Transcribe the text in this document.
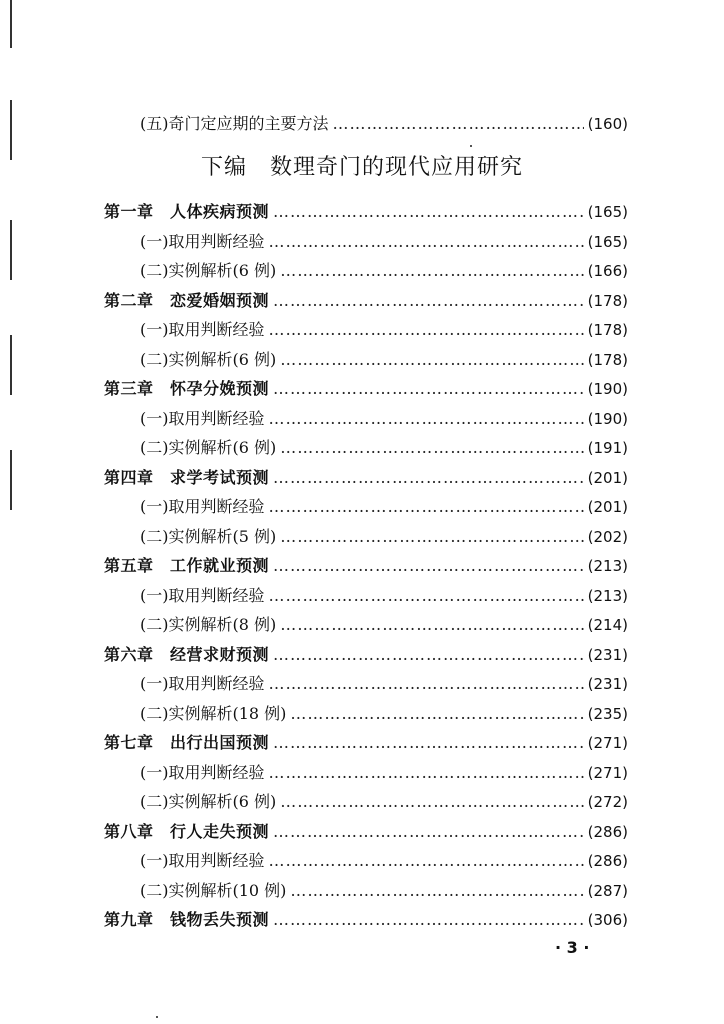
(五)奇门定应期的主要方法 ……………………………………………………………………………………………………………………………………	(160)
下编　数理奇门的现代应用研究
第一章　人体疾病预测 ……………………………………………………………………………………………………………………………………	(165)
(一)取用判断经验 ……………………………………………………………………………………………………………………………………	(165)
(二)实例解析(6 例) ……………………………………………………………………………………………………………………………………	(166)
第二章　恋爱婚姻预测 ……………………………………………………………………………………………………………………………………	(178)
(一)取用判断经验 ……………………………………………………………………………………………………………………………………	(178)
(二)实例解析(6 例) ……………………………………………………………………………………………………………………………………	(178)
第三章　怀孕分娩预测 ……………………………………………………………………………………………………………………………………	(190)
(一)取用判断经验 ……………………………………………………………………………………………………………………………………	(190)
(二)实例解析(6 例) ……………………………………………………………………………………………………………………………………	(191)
第四章　求学考试预测 ……………………………………………………………………………………………………………………………………	(201)
(一)取用判断经验 ……………………………………………………………………………………………………………………………………	(201)
(二)实例解析(5 例) ……………………………………………………………………………………………………………………………………	(202)
第五章　工作就业预测 ……………………………………………………………………………………………………………………………………	(213)
(一)取用判断经验 ……………………………………………………………………………………………………………………………………	(213)
(二)实例解析(8 例) ……………………………………………………………………………………………………………………………………	(214)
第六章　经营求财预测 ……………………………………………………………………………………………………………………………………	(231)
(一)取用判断经验 ……………………………………………………………………………………………………………………………………	(231)
(二)实例解析(18 例) ……………………………………………………………………………………………………………………………………	(235)
第七章　出行出国预测 ……………………………………………………………………………………………………………………………………	(271)
(一)取用判断经验 ……………………………………………………………………………………………………………………………………	(271)
(二)实例解析(6 例) ……………………………………………………………………………………………………………………………………	(272)
第八章　行人走失预测 ……………………………………………………………………………………………………………………………………	(286)
(一)取用判断经验 ……………………………………………………………………………………………………………………………………	(286)
(二)实例解析(10 例) ……………………………………………………………………………………………………………………………………	(287)
第九章　钱物丢失预测 ……………………………………………………………………………………………………………………………………	(306)
· 3 ·
